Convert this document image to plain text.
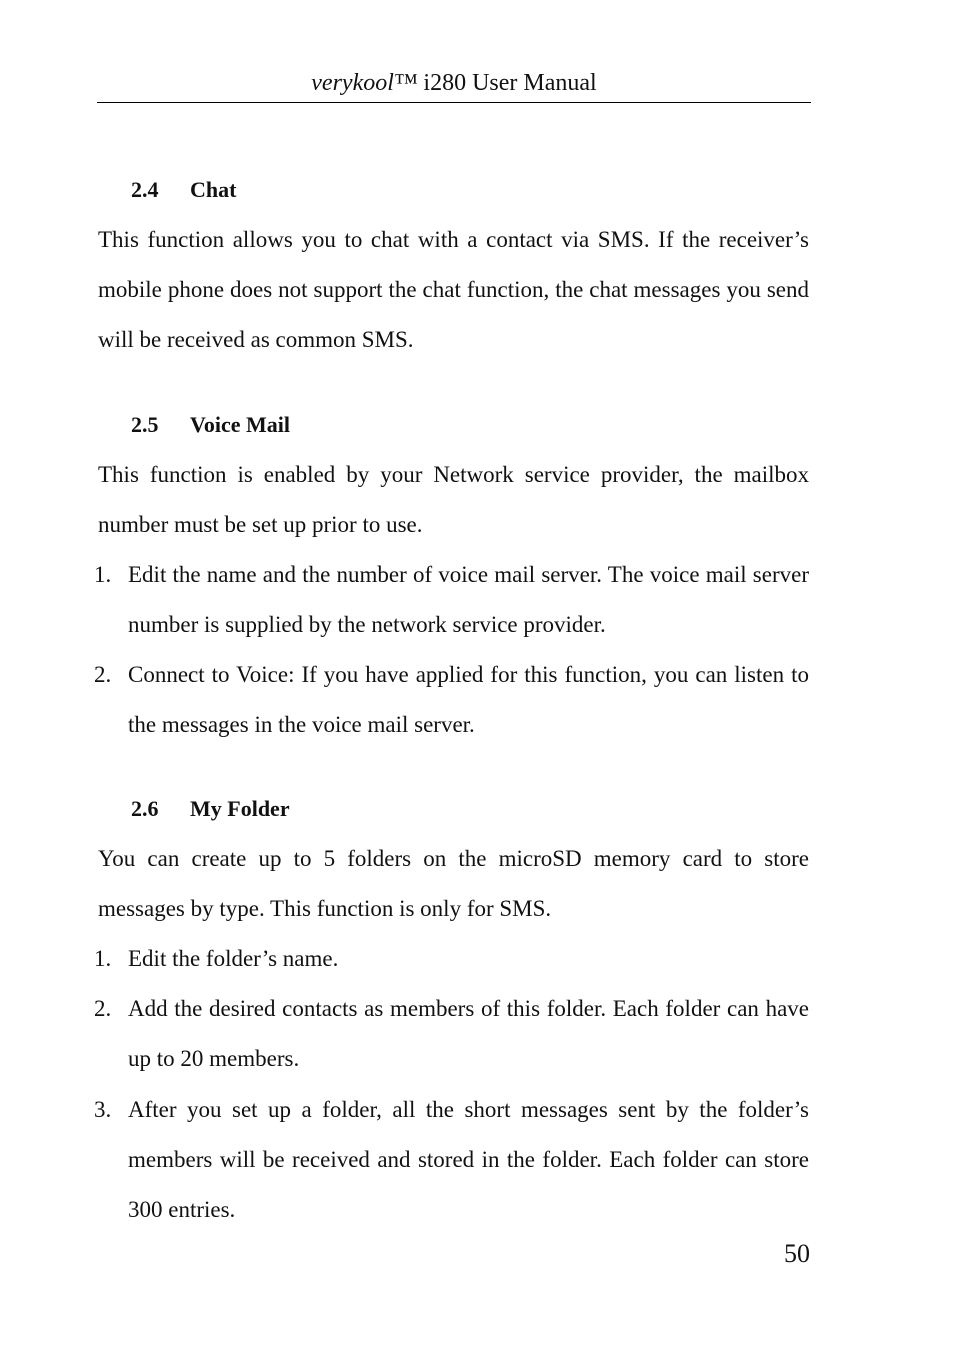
verykool™ i280 User Manual
2.4 Chat
This function allows you to chat with a contact via SMS. If the receiver’s mobile phone does not support the chat function, the chat messages you send will be received as common SMS.
2.5 Voice Mail
This function is enabled by your Network service provider, the mailbox number must be set up prior to use.
1. Edit the name and the number of voice mail server. The voice mail server number is supplied by the network service provider.
2. Connect to Voice: If you have applied for this function, you can listen to the messages in the voice mail server.
2.6 My Folder
You can create up to 5 folders on the microSD memory card to store messages by type. This function is only for SMS.
1. Edit the folder’s name.
2. Add the desired contacts as members of this folder. Each folder can have up to 20 members.
3. After you set up a folder, all the short messages sent by the folder’s members will be received and stored in the folder. Each folder can store 300 entries.
50
